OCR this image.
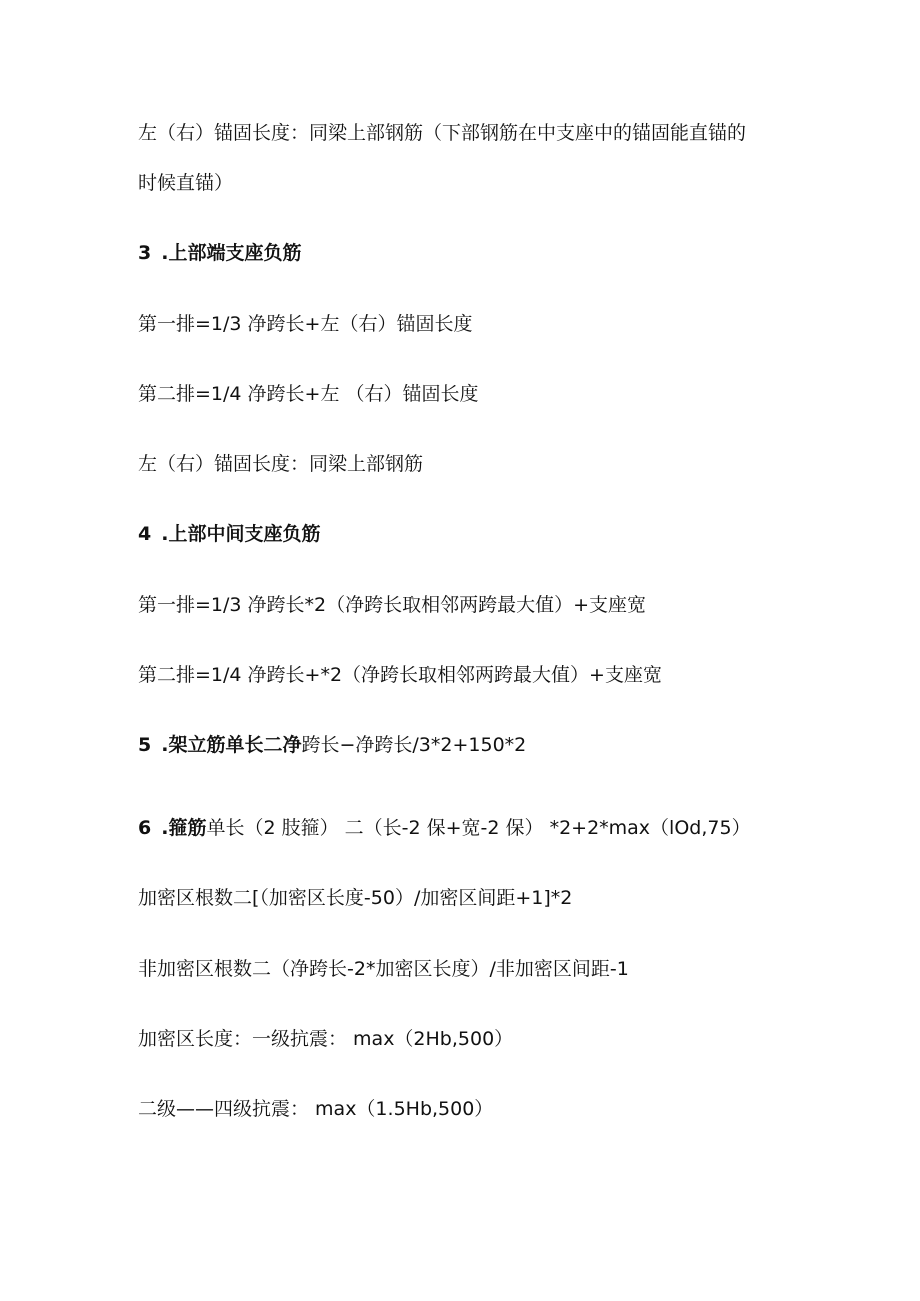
左（右）锚固长度：同梁上部钢筋（下部钢筋在中支座中的锚固能直锚的
时候直锚）
3 .上部端支座负筋
第一排=1/3 净跨长+左（右）锚固长度
第二排=1/4 净跨长+左 （右）锚固长度
左（右）锚固长度：同梁上部钢筋
4 .上部中间支座负筋
第一排=1/3 净跨长*2（净跨长取相邻两跨最大值）+支座宽
第二排=1/4 净跨长+*2（净跨长取相邻两跨最大值）+支座宽
5 .架立筋单长二净跨长−净跨长/3*2+150*2
6 .箍筋单长（2 肢箍） 二（长-2 保+宽-2 保） *2+2*max（lOd,75）
加密区根数二[（加密区长度-50）/加密区间距+1]*2
非加密区根数二（净跨长-2*加密区长度）/非加密区间距-1
加密区长度：一级抗震： max（2Hb,500）
二级——四级抗震： max（1.5Hb,500）
